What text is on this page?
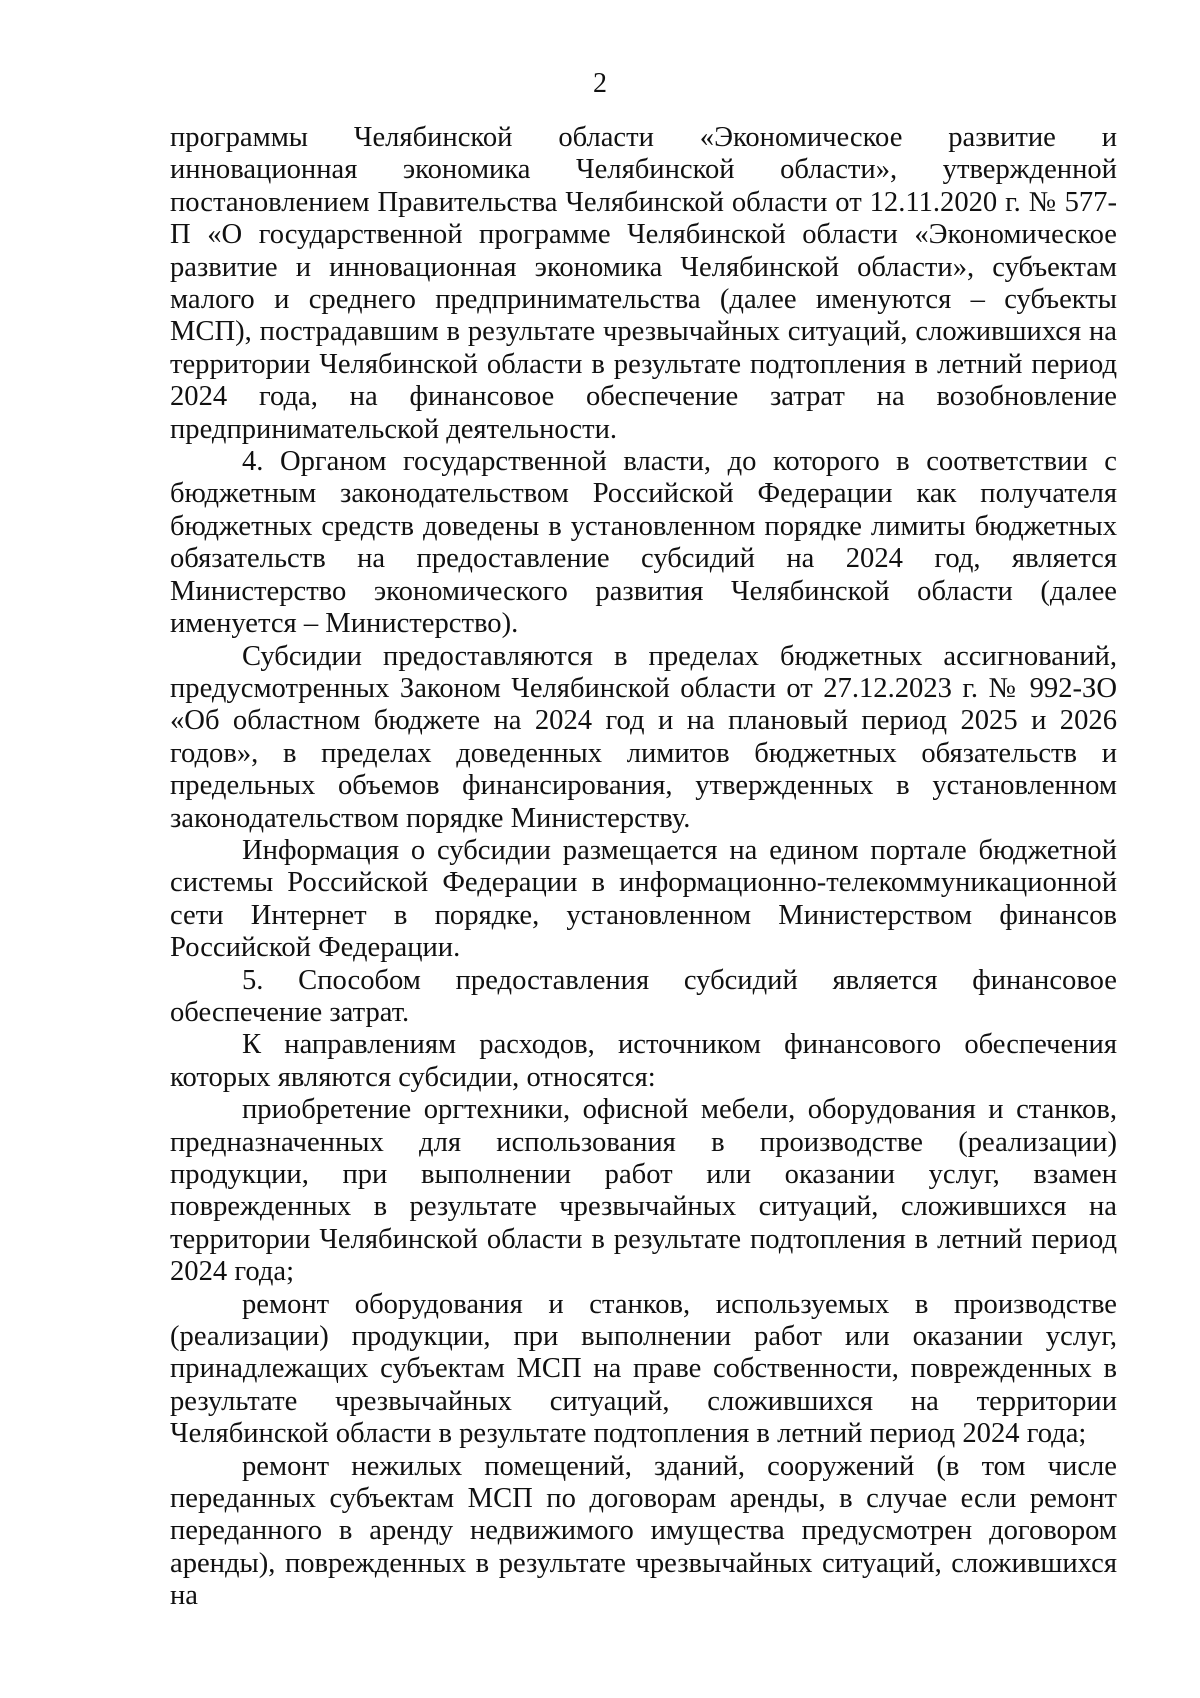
2

программы Челябинской области «Экономическое развитие и инновационная экономика Челябинской области», утвержденной постановлением Правительства Челябинской области от 12.11.2020 г. № 577-П «О государственной программе Челябинской области «Экономическое развитие и инновационная экономика Челябинской области», субъектам малого и среднего предпринимательства (далее именуются – субъекты МСП), пострадавшим в результате чрезвычайных ситуаций, сложившихся на территории Челябинской области в результате подтопления в летний период 2024 года, на финансовое обеспечение затрат на возобновление предпринимательской деятельности.

4. Органом государственной власти, до которого в соответствии с бюджетным законодательством Российской Федерации как получателя бюджетных средств доведены в установленном порядке лимиты бюджетных обязательств на предоставление субсидий на 2024 год, является Министерство экономического развития Челябинской области (далее именуется – Министерство).

Субсидии предоставляются в пределах бюджетных ассигнований, предусмотренных Законом Челябинской области от 27.12.2023 г. № 992-ЗО «Об областном бюджете на 2024 год и на плановый период 2025 и 2026 годов», в пределах доведенных лимитов бюджетных обязательств и предельных объемов финансирования, утвержденных в установленном законодательством порядке Министерству.

Информация о субсидии размещается на едином портале бюджетной системы Российской Федерации в информационно-телекоммуникационной сети Интернет в порядке, установленном Министерством финансов Российской Федерации.

5. Способом предоставления субсидий является финансовое обеспечение затрат.

К направлениям расходов, источником финансового обеспечения которых являются субсидии, относятся:

приобретение оргтехники, офисной мебели, оборудования и станков, предназначенных для использования в производстве (реализации) продукции, при выполнении работ или оказании услуг, взамен поврежденных в результате чрезвычайных ситуаций, сложившихся на территории Челябинской области в результате подтопления в летний период 2024 года;

ремонт оборудования и станков, используемых в производстве (реализации) продукции, при выполнении работ или оказании услуг, принадлежащих субъектам МСП на праве собственности, поврежденных в результате чрезвычайных ситуаций, сложившихся на территории Челябинской области в результате подтопления в летний период 2024 года;

ремонт нежилых помещений, зданий, сооружений (в том числе переданных субъектам МСП по договорам аренды, в случае если ремонт переданного в аренду недвижимого имущества предусмотрен договором аренды), поврежденных в результате чрезвычайных ситуаций, сложившихся на
